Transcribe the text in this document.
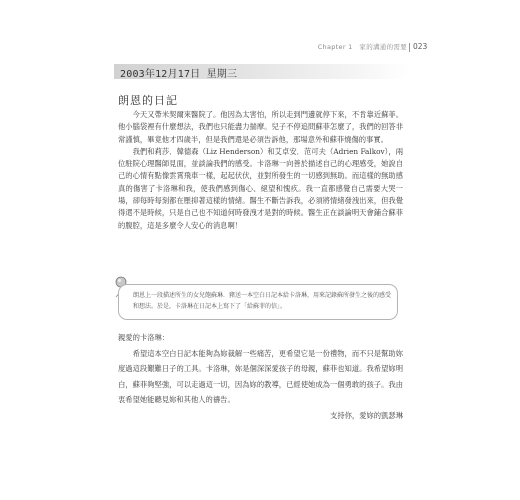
Chapter 1　家的溝通的需要 023
2003年12月17日 星期三
朗恩的日記

今天又帶米契爾來醫院了。他因為太害怕，所以走到門邊就停下來，不肯靠近蘇菲。他小腦袋裡有什麼想法，我們也只能盡力揣摩。兒子不停追問蘇菲怎麼了，我們的回答非常謹慎，畢竟他才四歲半，但是我們還是必須告訴他，那場意外和蘇菲燒傷的事實。

我們和莉莎．韓德森（Liz Henderson）和艾卓安．范可夫（Adrien Falkov），兩位駐院心理醫師見面，並談論我們的感受。卡洛琳一向善於描述自己的心理感受，她說自己的心情有點像雲霄飛車一樣，起起伏伏，並對所發生的一切感到無助。而這樣的無助感真的傷害了卡洛琳和我，使我們感到傷心、絕望和愧疚。我一直都感覺自己需要大哭一場，卻每時每刻都在壓抑著這樣的情緒。醫生不斷告訴我，必須將情緒發洩出來，但我覺得還不是時候，只是自己也不知道何時發洩才是對的時候。醫生正在談論明天會鋪合蘇菲的腹腔，這是多麼令人安心的消息啊！

朗恩上一段描述所生的女兒飽蘇琳．豬送一本空白日記本給卡洛琳，用來記錄蘇所發生之後的感受和想法。於是，卡洛琳在日記本上寫下了「給蘇菲的信」。

親愛的卡洛琳：

希望這本空白日記本能夠為妳裁解一些痛苦，更希望它是一份禮物，而不只是幫助妳度過這段艱難日子的工具。卡洛琳，妳是個深深愛孩子的母親，蘇菲也知道。我希望妳明白，蘇菲夠堅強，可以走過這一切，因為妳的教導，已經使她成為一個勇敢的孩子。我由衷希望她能聽見妳和其他人的禱告。

支持你，愛妳的凱瑟琳
